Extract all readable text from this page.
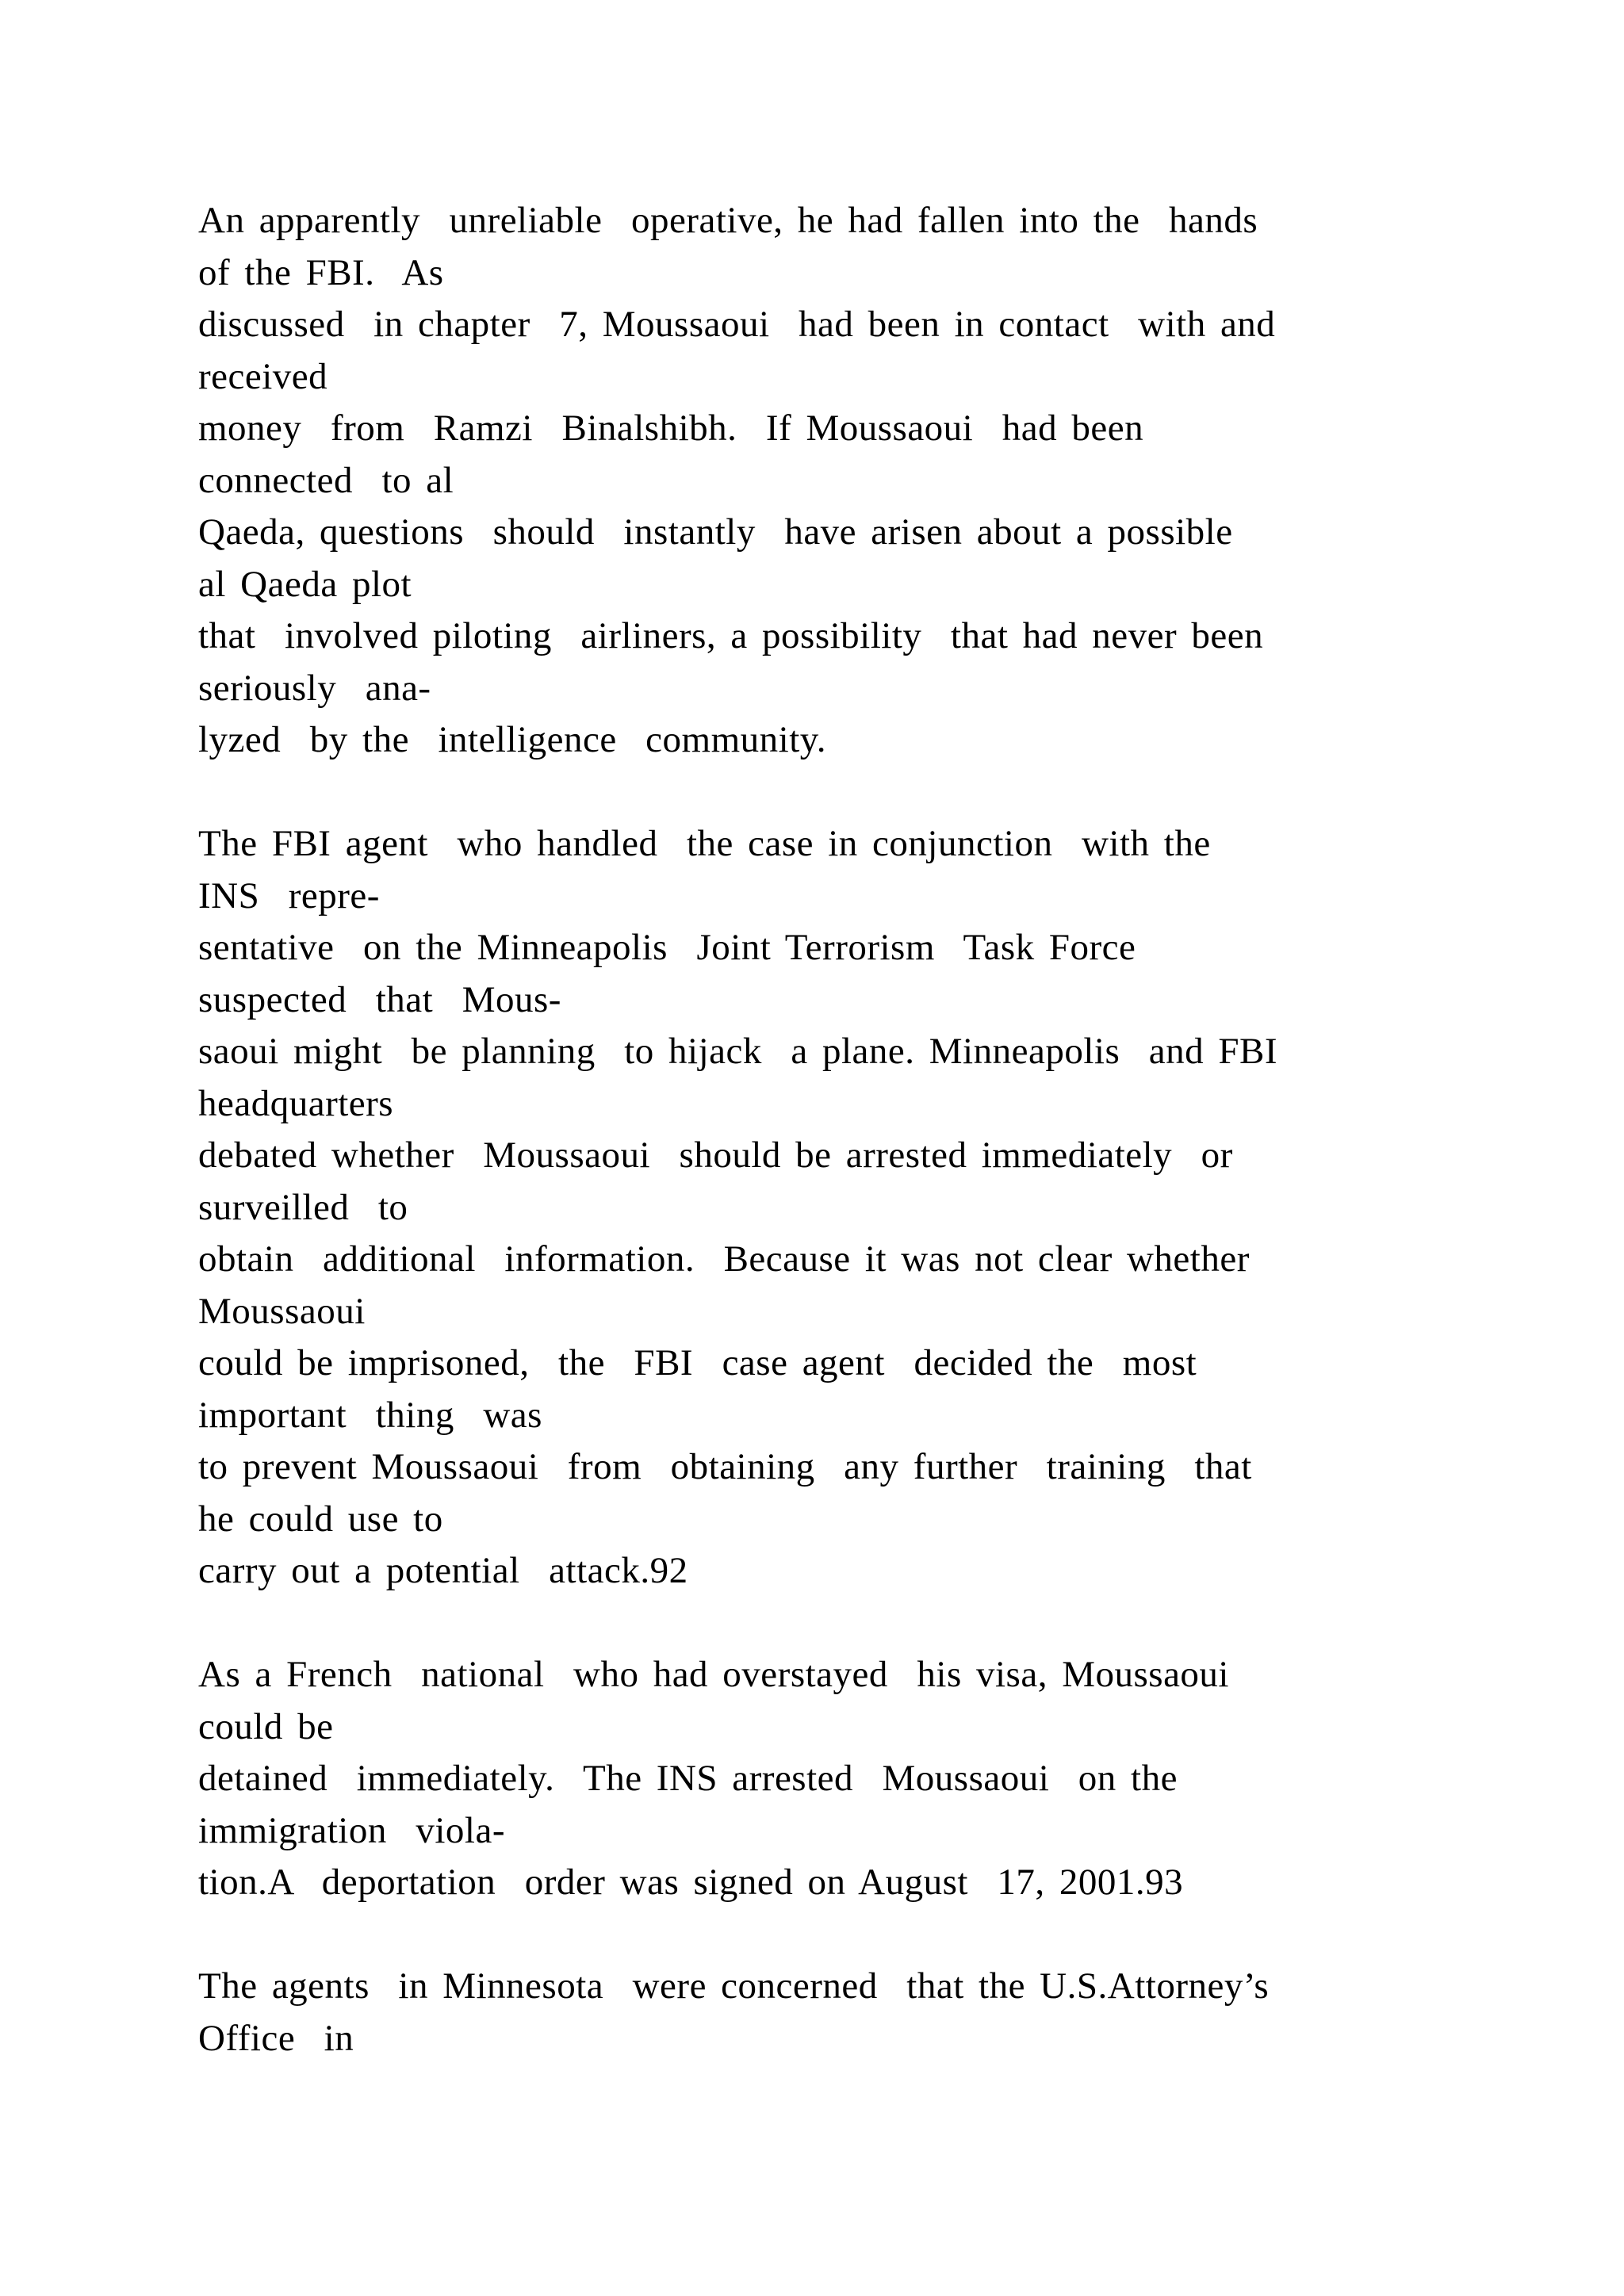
An apparently  unreliable  operative, he had fallen into the  hands
of the FBI.  As
discussed  in chapter  7, Moussaoui  had been in contact  with and
received
money  from  Ramzi  Binalshibh.  If Moussaoui  had been
connected  to al
Qaeda, questions  should  instantly  have arisen about a possible
al Qaeda plot
that  involved piloting  airliners, a possibility  that had never been
seriously  ana-
lyzed  by the  intelligence  community.
The FBI agent  who handled  the case in conjunction  with the
INS  repre-
sentative  on the Minneapolis  Joint Terrorism  Task Force
suspected  that  Mous-
saoui might  be planning  to hijack  a plane. Minneapolis  and FBI
headquarters
debated whether  Moussaoui  should be arrested immediately  or
surveilled  to
obtain  additional  information.  Because it was not clear whether
Moussaoui
could be imprisoned,  the  FBI  case agent  decided the  most
important  thing  was
to prevent Moussaoui  from  obtaining  any further  training  that
he could use to
carry out a potential  attack.92
As a French  national  who had overstayed  his visa, Moussaoui
could be
detained  immediately.  The INS arrested  Moussaoui  on the
immigration  viola-
tion.A  deportation  order was signed on August  17, 2001.93
The agents  in Minnesota  were concerned  that the U.S.Attorney’s
Office  in
